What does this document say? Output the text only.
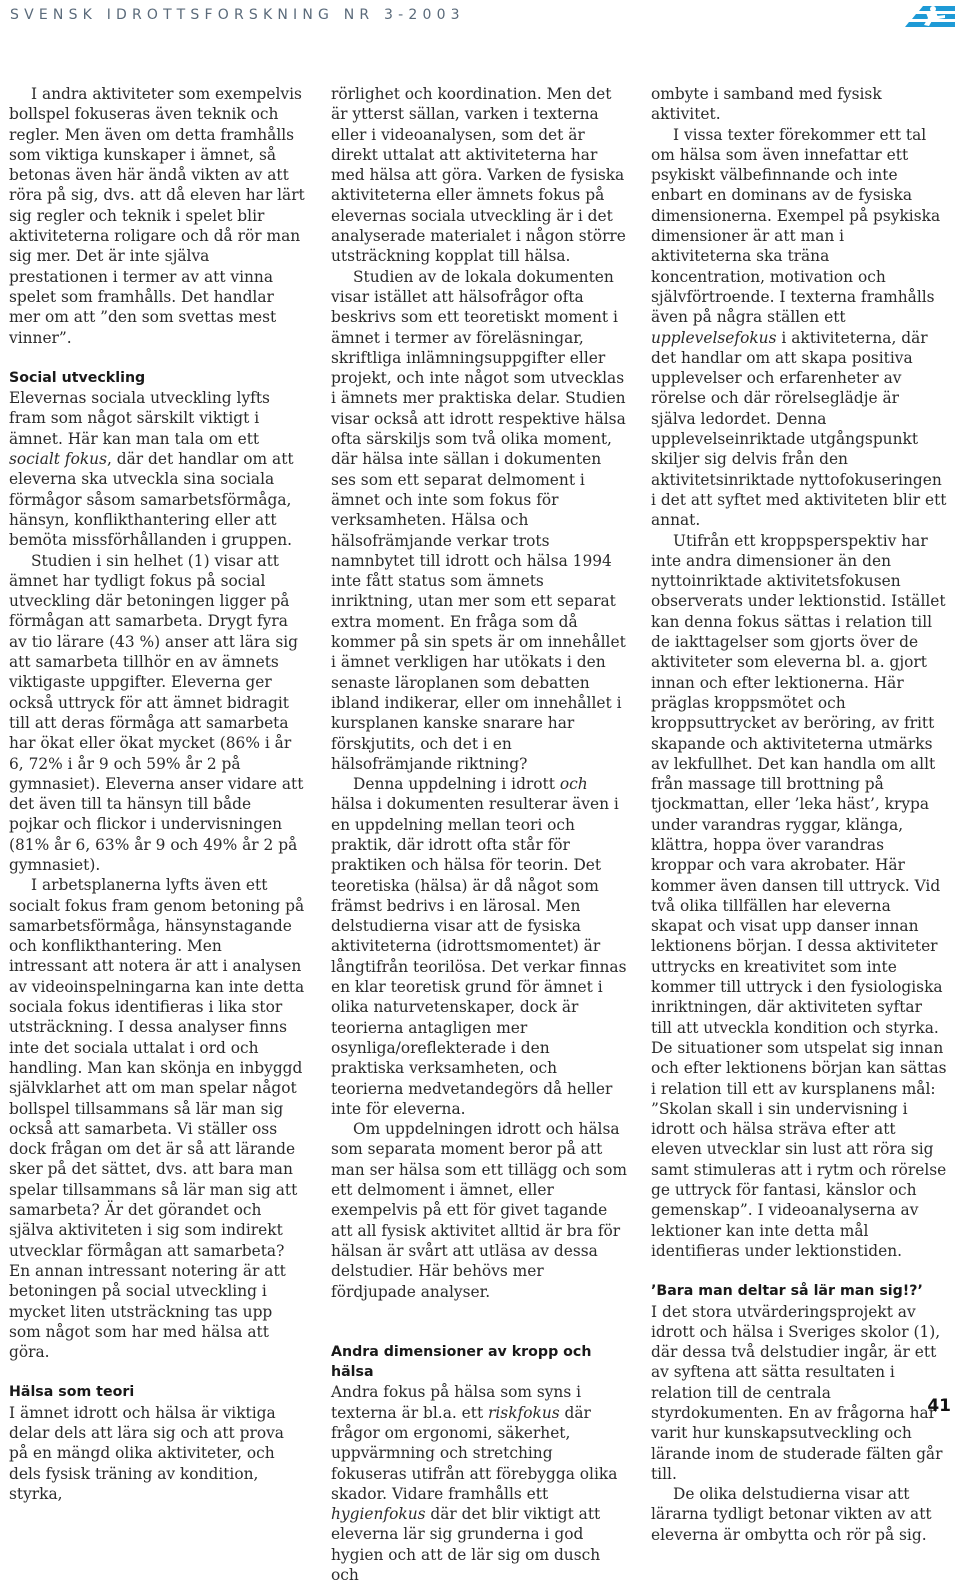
SVENSK IDROTTSFORSKNING NR 3-2003

I andra aktiviteter som exempelvis bollspel fokuseras även teknik och regler. Men även om detta framhålls som viktiga kunskaper i ämnet, så betonas även här ändå vikten av att röra på sig, dvs. att då eleven har lärt sig regler och teknik i spelet blir aktiviteterna roligare och då rör man sig mer. Det är inte själva prestationen i termer av att vinna spelet som framhålls. Det handlar mer om att ”den som svettas mest vinner”.

Social utveckling

Elevernas sociala utveckling lyfts fram som något särskilt viktigt i ämnet. Här kan man tala om ett socialt fokus, där det handlar om att eleverna ska utveckla sina sociala förmågor såsom samarbetsförmåga, hänsyn, konflikthantering eller att bemöta missförhållanden i gruppen.

Studien i sin helhet (1) visar att ämnet har tydligt fokus på social utveckling där betoningen ligger på förmågan att samarbeta. Drygt fyra av tio lärare (43 %) anser att lära sig att samarbeta tillhör en av ämnets viktigaste uppgifter. Eleverna ger också uttryck för att ämnet bidragit till att deras förmåga att samarbeta har ökat eller ökat mycket (86% i år 6, 72% i år 9 och 59% år 2 på gymnasiet). Eleverna anser vidare att det även till ta hänsyn till både pojkar och flickor i undervisningen (81% år 6, 63% år 9 och 49% år 2 på gymnasiet).

I arbetsplanerna lyfts även ett socialt fokus fram genom betoning på samarbetsförmåga, hänsynstagande och konflikthantering. Men intressant att notera är att i analysen av videoinspelningarna kan inte detta sociala fokus identifieras i lika stor utsträckning. I dessa analyser finns inte det sociala uttalat i ord och handling. Man kan skönja en inbyggd självklarhet att om man spelar något bollspel tillsammans så lär man sig också att samarbeta. Vi ställer oss dock frågan om det är så att lärande sker på det sättet, dvs. att bara man spelar tillsammans så lär man sig att samarbeta? Är det görandet och själva aktiviteten i sig som indirekt utvecklar förmågan att samarbeta? En annan intressant notering är att betoningen på social utveckling i mycket liten utsträckning tas upp som något som har med hälsa att göra.

Hälsa som teori

I ämnet idrott och hälsa är viktiga delar dels att lära sig och att prova på en mängd olika aktiviteter, och dels fysisk träning av kondition, styrka,

rörlighet och koordination. Men det är ytterst sällan, varken i texterna eller i videoanalysen, som det är direkt uttalat att aktiviteterna har med hälsa att göra. Varken de fysiska aktiviteterna eller ämnets fokus på elevernas sociala utveckling är i det analyserade materialet i någon större utsträckning kopplat till hälsa.

Studien av de lokala dokumenten visar istället att hälsofrågor ofta beskrivs som ett teoretiskt moment i ämnet i termer av föreläsningar, skriftliga inlämningsuppgifter eller projekt, och inte något som utvecklas i ämnets mer praktiska delar. Studien visar också att idrott respektive hälsa ofta särskiljs som två olika moment, där hälsa inte sällan i dokumenten ses som ett separat delmoment i ämnet och inte som fokus för verksamheten. Hälsa och hälsofrämjande verkar trots namnbytet till idrott och hälsa 1994 inte fått status som ämnets inriktning, utan mer som ett separat extra moment. En fråga som då kommer på sin spets är om innehållet i ämnet verkligen har utökats i den senaste läroplanen som debatten ibland indikerar, eller om innehållet i kursplanen kanske snarare har förskjutits, och det i en hälsofrämjande riktning?

Denna uppdelning i idrott och hälsa i dokumenten resulterar även i en uppdelning mellan teori och praktik, där idrott ofta står för praktiken och hälsa för teorin. Det teoretiska (hälsa) är då något som främst bedrivs i en lärosal. Men delstudierna visar att de fysiska aktiviteterna (idrottsmomentet) är långtifrån teorilösa. Det verkar finnas en klar teoretisk grund för ämnet i olika naturvetenskaper, dock är teorierna antagligen mer osynliga/oreflekterade i den praktiska verksamheten, och teorierna medvetandegörs då heller inte för eleverna.

Om uppdelningen idrott och hälsa som separata moment beror på att man ser hälsa som ett tillägg och som ett delmoment i ämnet, eller exempelvis på ett för givet tagande att all fysisk aktivitet alltid är bra för hälsan är svårt att utläsa av dessa delstudier. Här behövs mer fördjupade analyser.

Andra dimensioner av kropp och hälsa

Andra fokus på hälsa som syns i texterna är bl.a. ett riskfokus där frågor om ergonomi, säkerhet, uppvärmning och stretching fokuseras utifrån att förebygga olika skador. Vidare framhålls ett hygienfokus där det blir viktigt att eleverna lär sig grunderna i god hygien och att de lär sig om dusch och

ombyte i samband med fysisk aktivitet.

I vissa texter förekommer ett tal om hälsa som även innefattar ett psykiskt välbefinnande och inte enbart en dominans av de fysiska dimensionerna. Exempel på psykiska dimensioner är att man i aktiviteterna ska träna koncentration, motivation och självförtroende. I texterna framhålls även på några ställen ett upplevelsefokus i aktiviteterna, där det handlar om att skapa positiva upplevelser och erfarenheter av rörelse och där rörelseglädje är själva ledordet. Denna upplevelseinriktade utgångspunkt skiljer sig delvis från den aktivitetsinriktade nyttofokuseringen i det att syftet med aktiviteten blir ett annat.

Utifrån ett kroppsperspektiv har inte andra dimensioner än den nyttoinriktade aktivitetsfokusen observerats under lektionstid. Istället kan denna fokus sättas i relation till de iakttagelser som gjorts över de aktiviteter som eleverna bl. a. gjort innan och efter lektionerna. Här präglas kroppsmötet och kroppsuttrycket av beröring, av fritt skapande och aktiviteterna utmärks av lekfullhet. Det kan handla om allt från massage till brottning på tjockmattan, eller ’leka häst’, krypa under varandras ryggar, klänga, klättra, hoppa över varandras kroppar och vara akrobater. Här kommer även dansen till uttryck. Vid två olika tillfällen har eleverna skapat och visat upp danser innan lektionens början. I dessa aktiviteter uttrycks en kreativitet som inte kommer till uttryck i den fysiologiska inriktningen, där aktiviteten syftar till att utveckla kondition och styrka. De situationer som utspelat sig innan och efter lektionens början kan sättas i relation till ett av kursplanens mål: ”Skolan skall i sin undervisning i idrott och hälsa sträva efter att eleven utvecklar sin lust att röra sig samt stimuleras att i rytm och rörelse ge uttryck för fantasi, känslor och gemenskap”. I videoanalyserna av lektioner kan inte detta mål identifieras under lektionstiden.

’Bara man deltar så lär man sig!?’

I det stora utvärderingsprojekt av idrott och hälsa i Sveriges skolor (1), där dessa två delstudier ingår, är ett av syftena att sätta resultaten i relation till de centrala styrdokumenten. En av frågorna har varit hur kunskapsutveckling och lärande inom de studerade fälten går till.

De olika delstudierna visar att lärarna tydligt betonar vikten av att eleverna är ombytta och rör på sig.

41
